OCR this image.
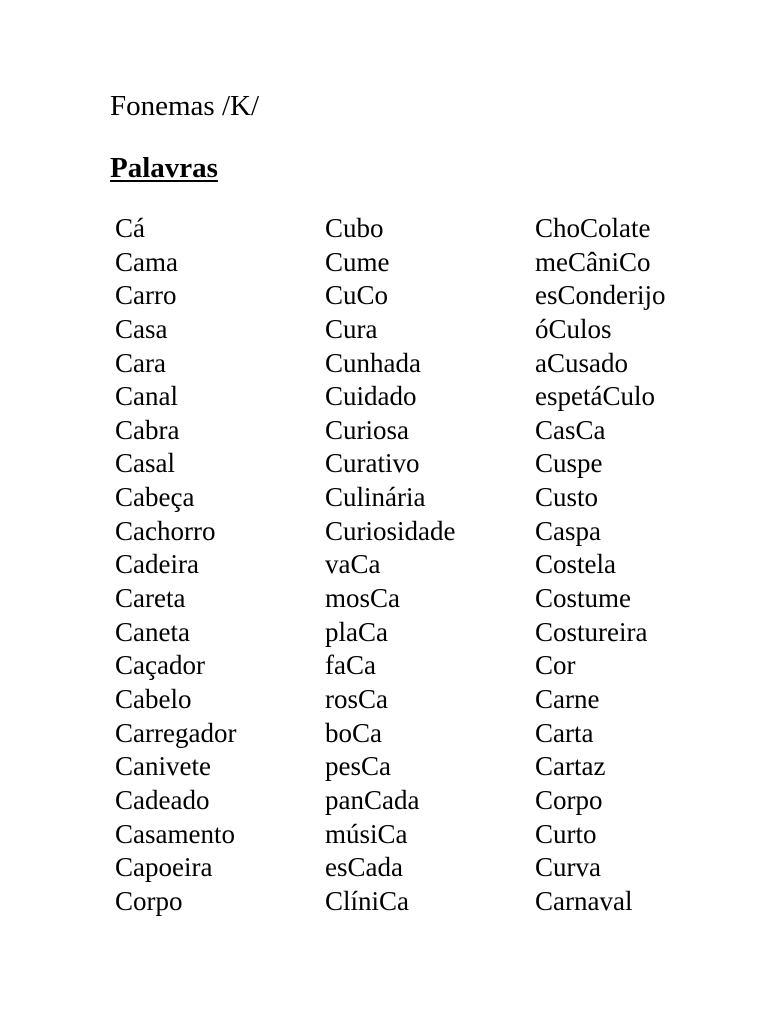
Fonemas /K/
Palavras
Cá
Cama
Carro
Casa
Cara
Canal
Cabra
Casal
Cabeça
Cachorro
Cadeira
Careta
Caneta
Caçador
Cabelo
Carregador
Canivete
Cadeado
Casamento
Capoeira
Corpo
Cubo
Cume
CuCo
Cura
Cunhada
Cuidado
Curiosa
Curativo
Culinária
Curiosidade
vaCa
mosCa
plaCa
faCa
rosCa
boCa
pesCa
panCada
músiCa
esCada
ClíniCa
ChoColate
meCâniCo
esConderijo
óCulos
aCusado
espetáCulo
CasCa
Cuspe
Custo
Caspa
Costela
Costume
Costureira
Cor
Carne
Carta
Cartaz
Corpo
Curto
Curva
Carnaval
